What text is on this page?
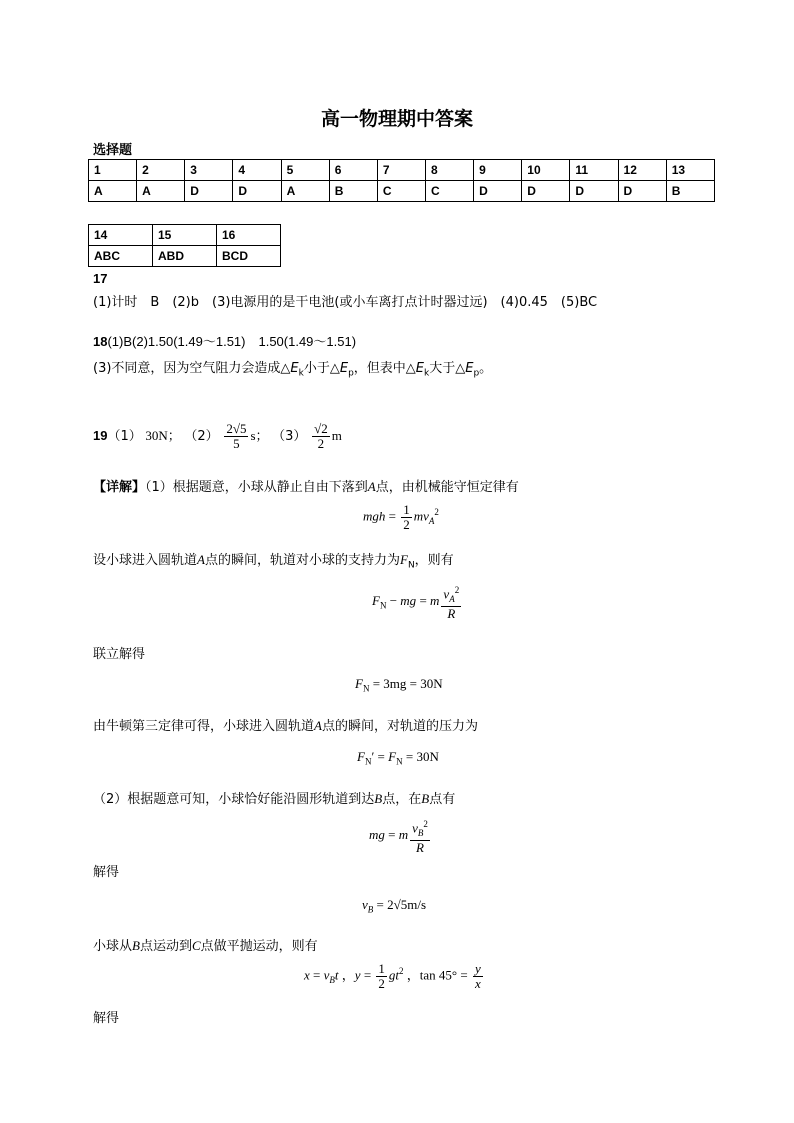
高一物理期中答案
选择题
1	2	3	4	5	6	7	8	9	10	11	12	13
A	A	D	D	A	B	C	C	D	D	D	D	B
14	15	16
ABC	ABD	BCD
17
(1)计时　B　(2)b　(3)电源用的是干电池(或小车离打点计时器过远)　(4)0.45　(5)BC
18(1)B(2)1.50(1.49～1.51)　1.50(1.49～1.51)
(3)不同意，因为空气阻力会造成$\triangle E_k$小于$\triangle E_p$，但表中$\triangle E_k$大于$\triangle E_p$。
19（1） 30N； $(2) \frac{2√5}{5}$ s； $(3) \frac{√2}{2}$ m
【详解】（1）根据题意，小球从静止自由下落到A点，由机械能守恒定律有
mgh = $\frac{1}{2} mv_A^2$
设小球进入圆轨道A点的瞬间，轨道对小球的支持力为$F_N$，则有
$F_N$ − mg = m $\frac{v_A^2}{R}$
联立解得
$F_N = 3mg = 30N$
由牛顿第三定律可得，小球进入圆轨道A点的瞬间，对轨道的压力为
$F_N' = F_N = 30N$
（2）根据题意可知，小球恰好能沿圆形轨道到达B点，在B点有
mg = m $\frac{v_B^2}{R}$
解得
$v_B = 2√5m/s$
小球从B点运动到C点做平抛运动，则有
$x = v_Bt$ ，$y = \frac{1}{2} gt^2$ ，$\tan 45^\circ = \frac{y}{x}$
解得
